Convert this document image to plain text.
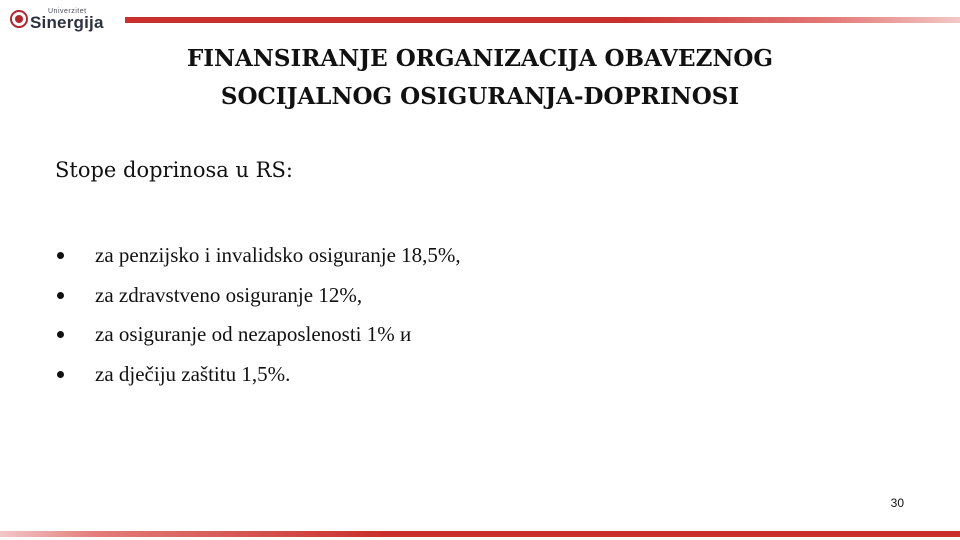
Univerzitet
Sinergija
FINANSIRANJE ORGANIZACIJA OBAVEZNOG
SOCIJALNOG OSIGURANJA-DOPRINOSI
Stope doprinosa u RS:
za penzijsko i invalidsko osiguranje 18,5%,
za zdravstveno osiguranje 12%,
za osiguranje od nezaposlenosti 1% и
za dječiju zaštitu 1,5%.
30
